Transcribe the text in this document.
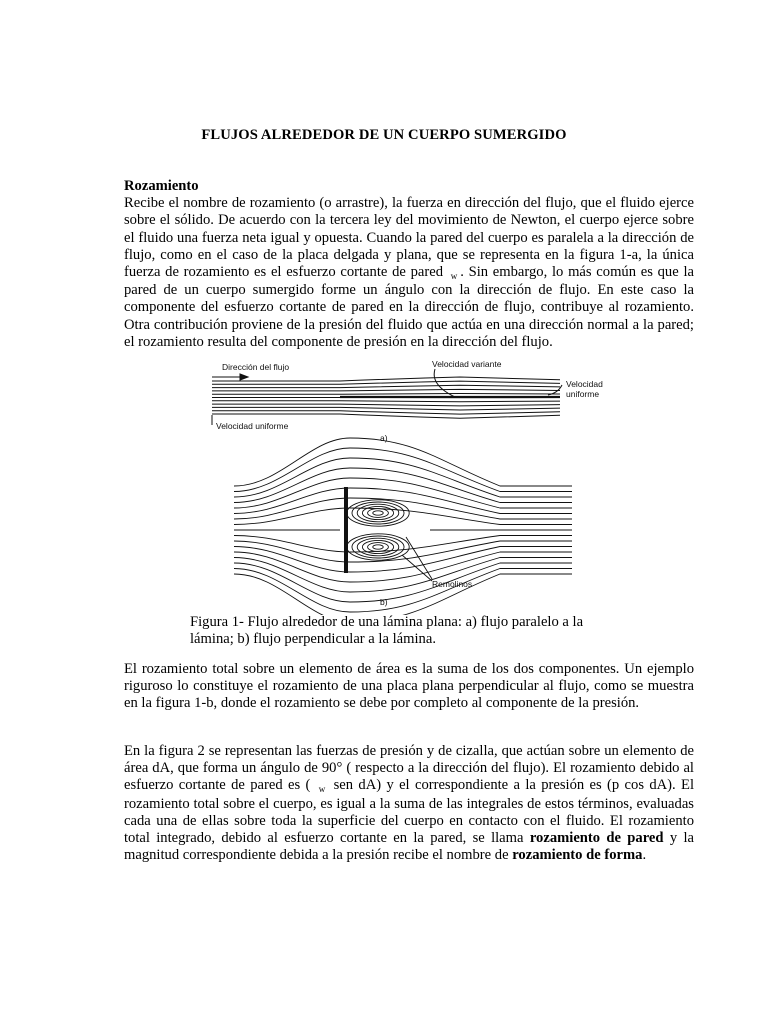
FLUJOS ALREDEDOR DE UN CUERPO SUMERGIDO
Rozamiento
Recibe el nombre de rozamiento (o arrastre), la fuerza en dirección del flujo, que el fluido ejerce sobre el sólido. De acuerdo con la tercera ley del movimiento de Newton, el cuerpo ejerce sobre el fluido una fuerza neta igual y opuesta. Cuando la pared del cuerpo es paralela a la dirección de flujo, como en el caso de la placa delgada y plana, que se representa en la figura 1-a, la única fuerza de rozamiento es el esfuerzo cortante de pared $_w$ . Sin embargo, lo más común es que la pared de un cuerpo sumergido forme un ángulo con la dirección de flujo. En este caso la componente del esfuerzo cortante de pared en la dirección de flujo, contribuye al rozamiento. Otra contribución proviene de la presión del fluido que actúa en una dirección normal a la pared; el rozamiento resulta del componente de presión en la dirección del flujo.
Dirección del flujo	Velocidad variante
Velocidad
uniforme
Velocidad uniforme
a)
Remolinos
b)
Figura 1- Flujo alrededor de una lámina plana: a) flujo paralelo a la lámina; b) flujo perpendicular a la lámina.
El rozamiento total sobre un elemento de área es la suma de los dos componentes. Un ejemplo riguroso lo constituye el rozamiento de una placa plana perpendicular al flujo, como se muestra en la figura 1-b, donde el rozamiento se debe por completo al componente de la presión.
En la figura 2 se representan las fuerzas de presión y de cizalla, que actúan sobre un elemento de área dA, que forma un ángulo de 90° ( respecto a la dirección del flujo). El rozamiento debido al esfuerzo cortante de pared es ( $_w$ sen dA) y el correspondiente a la presión es (p cos dA). El rozamiento total sobre el cuerpo, es igual a la suma de las integrales de estos términos, evaluadas cada una de ellas sobre toda la superficie del cuerpo en contacto con el fluido. El rozamiento total integrado, debido al esfuerzo cortante en la pared, se llama rozamiento de pared y la magnitud correspondiente debida a la presión recibe el nombre de rozamiento de forma.
